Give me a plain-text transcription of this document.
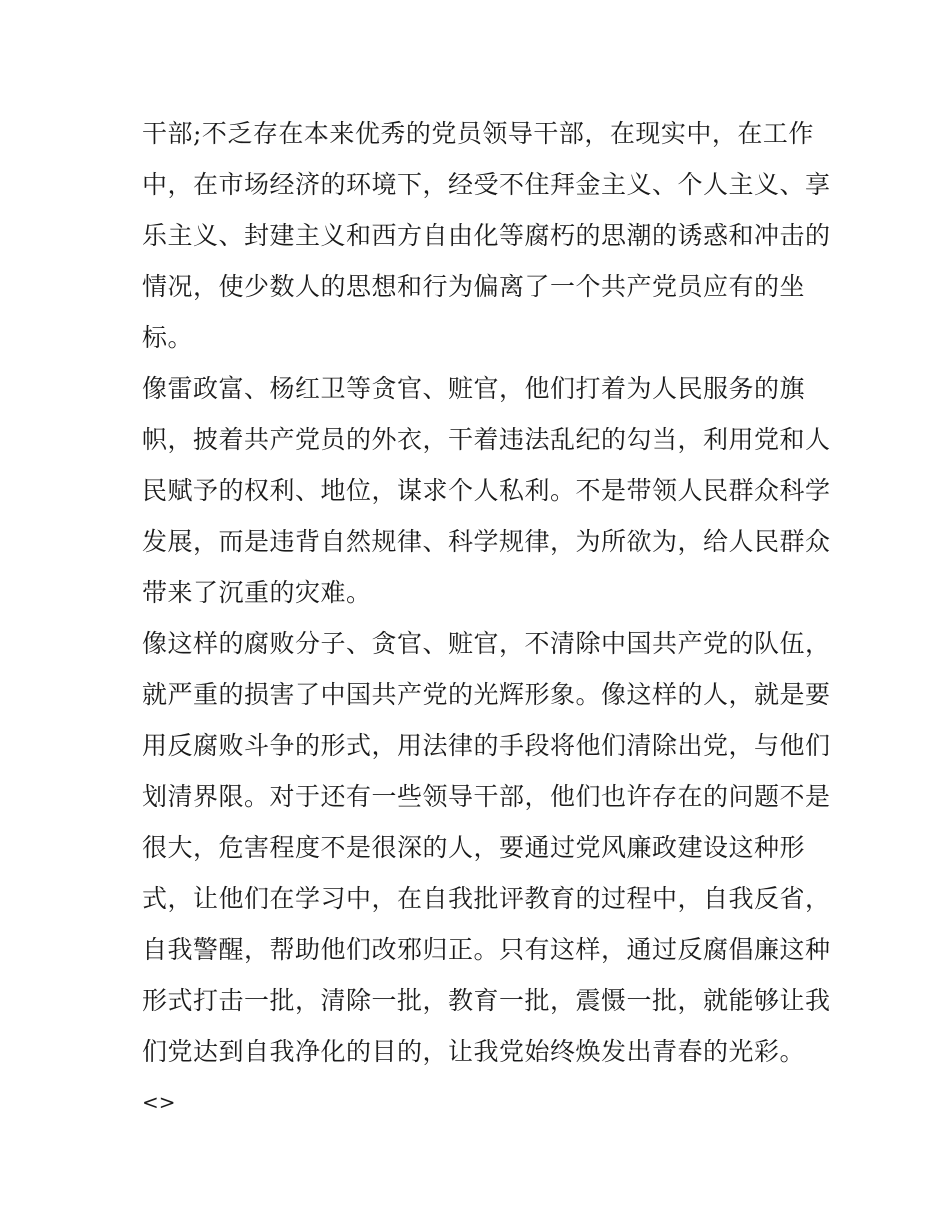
干部;不乏存在本来优秀的党员领导干部，在现实中，在工作
中，在市场经济的环境下，经受不住拜金主义、个人主义、享
乐主义、封建主义和西方自由化等腐朽的思潮的诱惑和冲击的
情况，使少数人的思想和行为偏离了一个共产党员应有的坐
标。
像雷政富、杨红卫等贪官、赃官，他们打着为人民服务的旗
帜，披着共产党员的外衣，干着违法乱纪的勾当，利用党和人
民赋予的权利、地位，谋求个人私利。不是带领人民群众科学
发展，而是违背自然规律、科学规律，为所欲为，给人民群众
带来了沉重的灾难。
像这样的腐败分子、贪官、赃官，不清除中国共产党的队伍，
就严重的损害了中国共产党的光辉形象。像这样的人，就是要
用反腐败斗争的形式，用法律的手段将他们清除出党，与他们
划清界限。对于还有一些领导干部，他们也许存在的问题不是
很大，危害程度不是很深的人，要通过党风廉政建设这种形
式，让他们在学习中，在自我批评教育的过程中，自我反省，
自我警醒，帮助他们改邪归正。只有这样，通过反腐倡廉这种
形式打击一批，清除一批，教育一批，震慑一批，就能够让我
们党达到自我净化的目的，让我党始终焕发出青春的光彩。
<>
